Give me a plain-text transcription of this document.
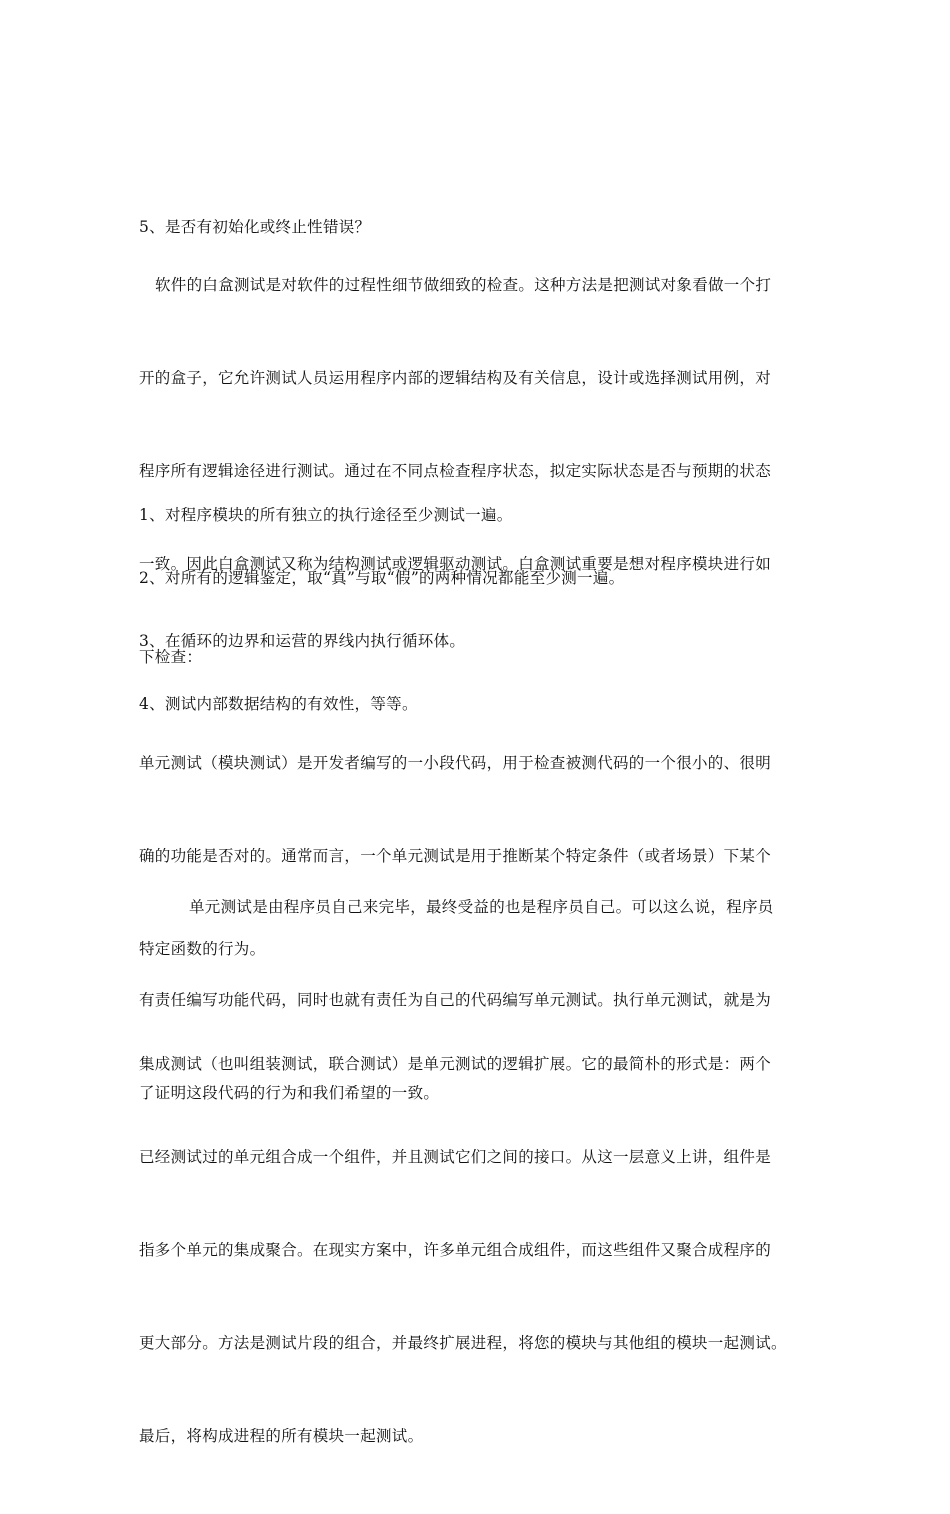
5、是否有初始化或终止性错误？

软件的白盒测试是对软件的过程性细节做细致的检查。这种方法是把测试对象看做一个打

开的盒子，它允许测试人员运用程序内部的逻辑结构及有关信息，设计或选择测试用例，对

程序所有逻辑途径进行测试。通过在不同点检查程序状态，拟定实际状态是否与预期的状态

一致。因此白盒测试又称为结构测试或逻辑驱动测试。白盒测试重要是想对程序模块进行如

下检查：

1、对程序模块的所有独立的执行途径至少测试一遍。

2、对所有的逻辑鉴定，取“真”与取“假”的两种情况都能至少测一遍。

3、在循环的边界和运营的界线内执行循环体。

4、测试内部数据结构的有效性，等等。

单元测试（模块测试）是开发者编写的一小段代码，用于检查被测代码的一个很小的、很明

确的功能是否对的。通常而言，一个单元测试是用于推断某个特定条件（或者场景）下某个

特定函数的行为。

单元测试是由程序员自己来完毕，最终受益的也是程序员自己。可以这么说，程序员

有责任编写功能代码，同时也就有责任为自己的代码编写单元测试。执行单元测试，就是为

了证明这段代码的行为和我们希望的一致。

集成测试（也叫组装测试，联合测试）是单元测试的逻辑扩展。它的最简朴的形式是：两个

已经测试过的单元组合成一个组件，并且测试它们之间的接口。从这一层意义上讲，组件是

指多个单元的集成聚合。在现实方案中，许多单元组合成组件，而这些组件又聚合成程序的

更大部分。方法是测试片段的组合，并最终扩展进程，将您的模块与其他组的模块一起测试。

最后，将构成进程的所有模块一起测试。
